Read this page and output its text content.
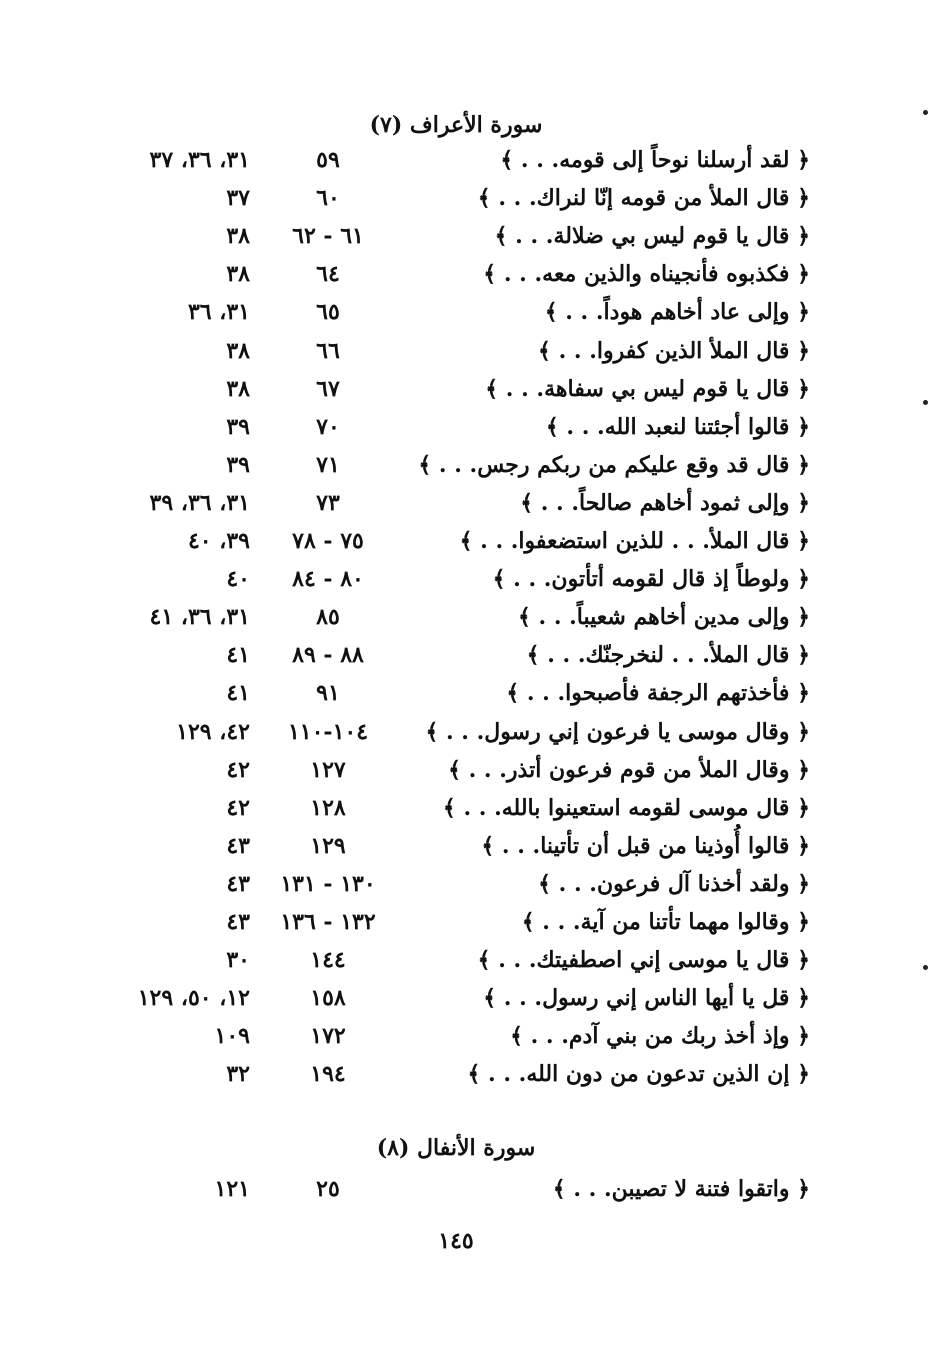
سورة الأعراف (٧)
﴿ لقد أرسلنا نوحاً إلى قومه. . . ﴾
٥٩
٣١، ٣٦، ٣٧
﴿ قال الملأ من قومه إنّا لنراك. . . ﴾
٦٠
٣٧
﴿ قال يا قوم ليس بي ضلالة. . . ﴾
٦١ - ٦٢
٣٨
﴿ فكذبوه فأنجيناه والذين معه. . . ﴾
٦٤
٣٨
﴿ وإلى عاد أخاهم هوداً. . . ﴾
٦٥
٣١، ٣٦
﴿ قال الملأ الذين كفروا. . . ﴾
٦٦
٣٨
﴿ قال يا قوم ليس بي سفاهة. . . ﴾
٦٧
٣٨
﴿ قالوا أجئتنا لنعبد الله. . . ﴾
٧٠
٣٩
﴿ قال قد وقع عليكم من ربكم رجس. . . ﴾
٧١
٣٩
﴿ وإلى ثمود أخاهم صالحاً. . . ﴾
٧٣
٣١، ٣٦، ٣٩
﴿ قال الملأ. . . للذين استضعفوا. . . ﴾
٧٥ - ٧٨
٣٩، ٤٠
﴿ ولوطاً إذ قال لقومه أتأتون. . . ﴾
٨٠ - ٨٤
٤٠
﴿ وإلى مدين أخاهم شعيباً. . . ﴾
٨٥
٣١، ٣٦، ٤١
﴿ قال الملأ. . . لنخرجنّك. . . ﴾
٨٨ - ٨٩
٤١
﴿ فأخذتهم الرجفة فأصبحوا. . . ﴾
٩١
٤١
﴿ وقال موسى يا فرعون إني رسول. . . ﴾
١٠٤-١١٠
٤٢، ١٢٩
﴿ وقال الملأ من قوم فرعون أتذر. . . ﴾
١٢٧
٤٢
﴿ قال موسى لقومه استعينوا بالله. . . ﴾
١٢٨
٤٢
﴿ قالوا أُوذينا من قبل أن تأتينا. . . ﴾
١٢٩
٤٣
﴿ ولقد أخذنا آل فرعون. . . ﴾
١٣٠ - ١٣١
٤٣
﴿ وقالوا مهما تأتنا من آية. . . ﴾
١٣٢ - ١٣٦
٤٣
﴿ قال يا موسى إني اصطفيتك. . . ﴾
١٤٤
٣٠
﴿ قل يا أيها الناس إني رسول. . . ﴾
١٥٨
١٢، ٥٠، ١٢٩
﴿ وإذ أخذ ربك من بني آدم. . . ﴾
١٧٢
١٠٩
﴿ إن الذين تدعون من دون الله. . . ﴾
١٩٤
٣٢
سورة الأنفال (٨)
﴿ واتقوا فتنة لا تصيبن. . . ﴾
٢٥
١٢١
١٤٥
